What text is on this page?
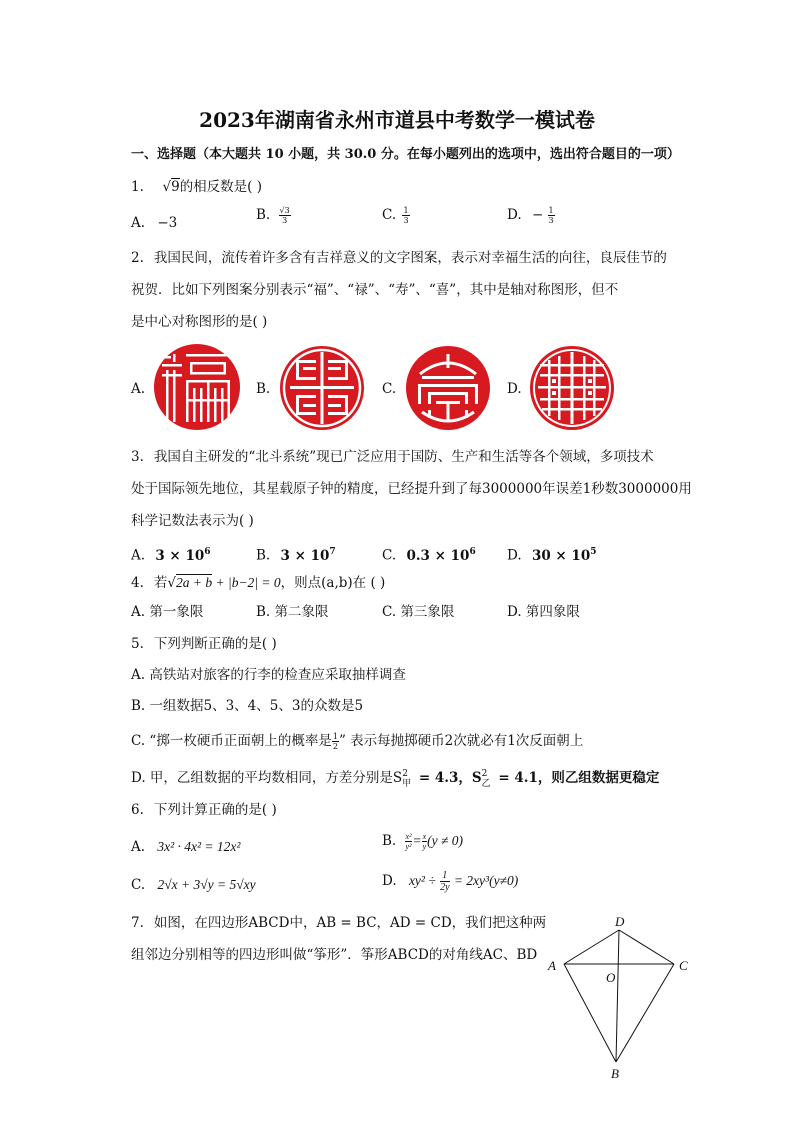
2023年湖南省永州市道县中考数学一模试卷
一、选择题（本大题共 10 小题，共 30.0 分。在每小题列出的选项中，选出符合题目的一项）
1. √9的相反数是( )
A. −3	B. $\frac{√3}{3}$	C. $\frac{1}{3}$	D. − $\frac{1}{3}$
2. 我国民间，流传着许多含有吉祥意义的文字图案，表示对幸福生活的向往，良辰佳节的
祝贺．比如下列图案分别表示“福”、“禄”、“寿”、“喜”，其中是轴对称图形，但不
是中心对称图形的是( )
A.	B.	C.	D.
3. 我国自主研发的“北斗系统”现已广泛应用于国防、生产和生活等各个领域，多项技术
处于国际领先地位，其星载原子钟的精度，已经提升到了每3000000年误差1秒数3000000用
科学记数法表示为( )
A. $3 \times 10^6$	B. $3 \times 10^7$	C. $0.3 \times 10^6$ D. $30 \times 10^5$
4. 若√2a + b + |b−2| = 0，则点(a,b)在 ( )
A. 第一象限	B. 第二象限	C. 第三象限	D. 第四象限
5. 下列判断正确的是( )
A. 高铁站对旅客的行李的检查应采取抽样调查
B. 一组数据5、3、4、5、3的众数是5
C. “掷一枚硬币正面朝上的概率是 $\frac{1}{2}$ ” 表示每抛掷硬币2次就必有1次反面朝上
D. 甲，乙组数据的平均数相同，方差分别是S 2
甲 = 4.3，S 2
乙 = 4.1，则乙组数据更稳定
6. 下列计算正确的是( )
A. 3x² · 4x² = 12x²	B. $\frac{\text{x²}}{\text{y²}} = \frac{x}{y} (y \ne 0)$
C. 2√x + 3√y = 5√xy	D. $xy^2 \div \frac{1}{2y} = 2xy^3(y\ne 0)$
7. 如图，在四边形ABCD中，AB = BC，AD = CD，我们把这种两
组邻边分别相等的四边形叫做“筝形”．筝形ABCD的对角线AC、BD
D
A	C
O
B
